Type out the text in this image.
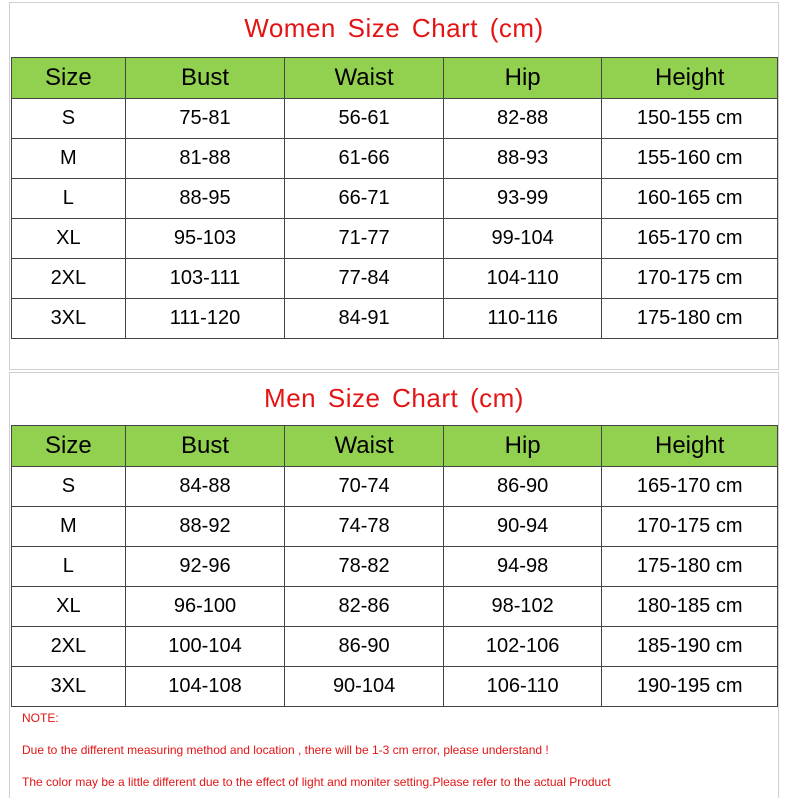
Women Size Chart (cm)
Size	Bust	Waist	Hip	Height
S	75-81	56-61	82-88	150-155 cm
M	81-88	61-66	88-93	155-160 cm
L	88-95	66-71	93-99	160-165 cm
XL	95-103	71-77	99-104	165-170 cm
2XL	103-111	77-84	104-110	170-175 cm
3XL	111-120	84-91	110-116	175-180 cm
Men Size Chart (cm)
Size	Bust	Waist	Hip	Height
S	84-88	70-74	86-90	165-170 cm
M	88-92	74-78	90-94	170-175 cm
L	92-96	78-82	94-98	175-180 cm
XL	96-100	82-86	98-102	180-185 cm
2XL	100-104	86-90	102-106	185-190 cm
3XL	104-108	90-104	106-110	190-195 cm
NOTE:
Due to the different measuring method and location , there will be 1-3 cm error, please understand !
The color may be a little different due to the effect of light and moniter setting.Please refer to the actual Product
